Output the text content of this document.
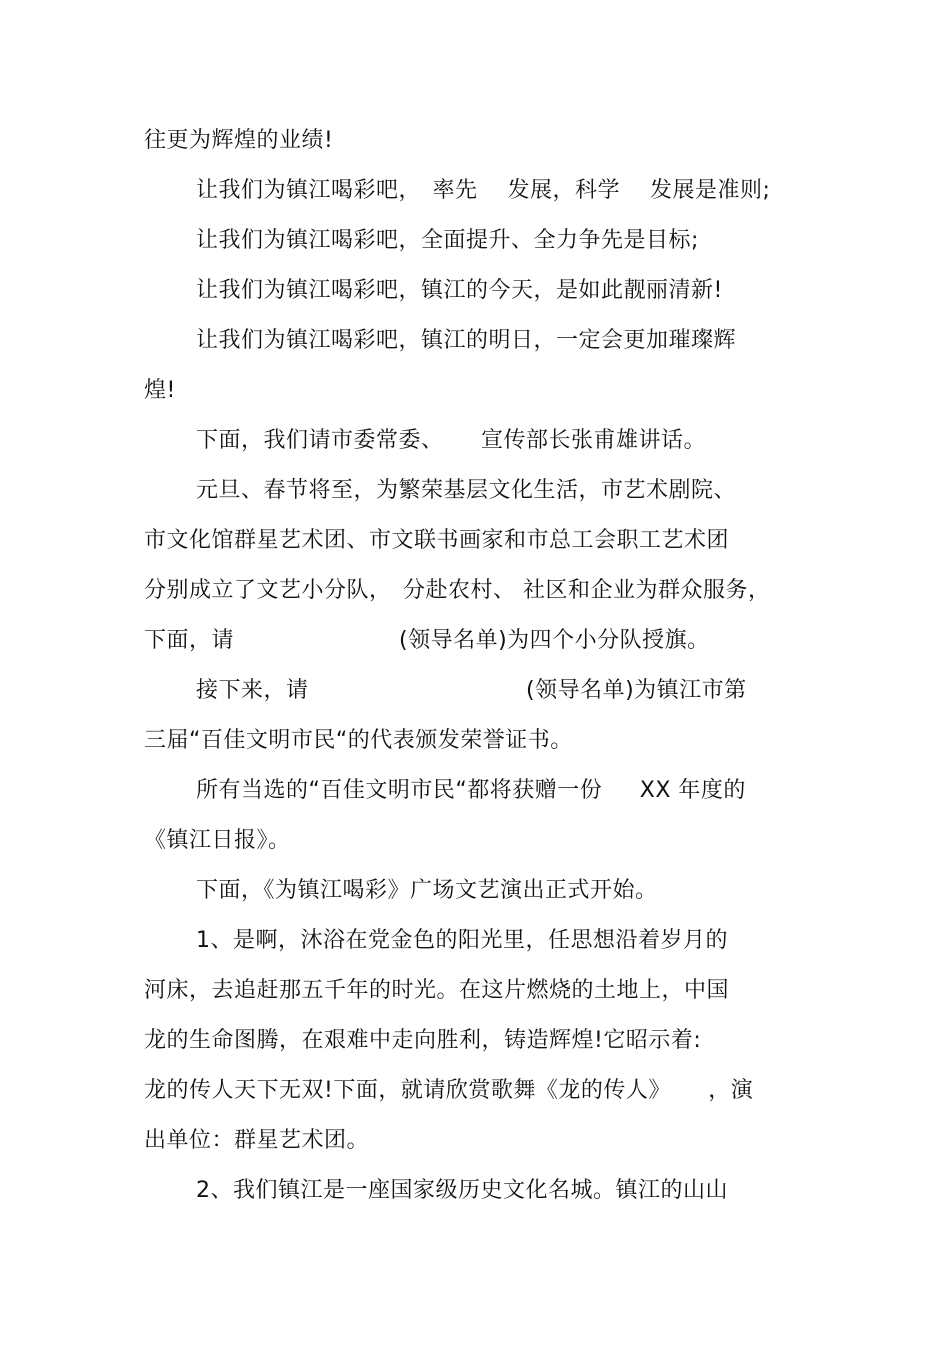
往更为辉煌的业绩!
让我们为镇江喝彩吧，　率先　 发展，科学 　发展是准则;
让我们为镇江喝彩吧，全面提升、全力争先是目标;
让我们为镇江喝彩吧，镇江的今天，是如此靓丽清新!
让我们为镇江喝彩吧，镇江的明日，一定会更加璀璨辉
煌!
下面，我们请市委常委、 　 宣传部长张甫雄讲话。
元旦、春节将至，为繁荣基层文化生活，市艺术剧院、
市文化馆群星艺术团、市文联书画家和市总工会职工艺术团
分别成立了文艺小分队，　分赴农村、 社区和企业为群众服务，
下面，请 　　　　　　　(领导名单)为四个小分队授旗。
接下来，请 　　　　　　　　　 (领导名单)为镇江市第
三届“百佳文明市民“的代表颁发荣誉证书。
所有当选的“百佳文明市民“都将获赠一份 　 XX 年度的
《镇江日报》。
下面，《为镇江喝彩》广场文艺演出正式开始。
1、是啊，沐浴在党金色的阳光里，任思想沿着岁月的
河床，去追赶那五千年的时光。在这片燃烧的土地上，中国
龙的生命图腾，在艰难中走向胜利，铸造辉煌!它昭示着:
龙的传人天下无双!下面，就请欣赏歌舞《龙的传人》 　 ，演
出单位：群星艺术团。
2、我们镇江是一座国家级历史文化名城。镇江的山山
